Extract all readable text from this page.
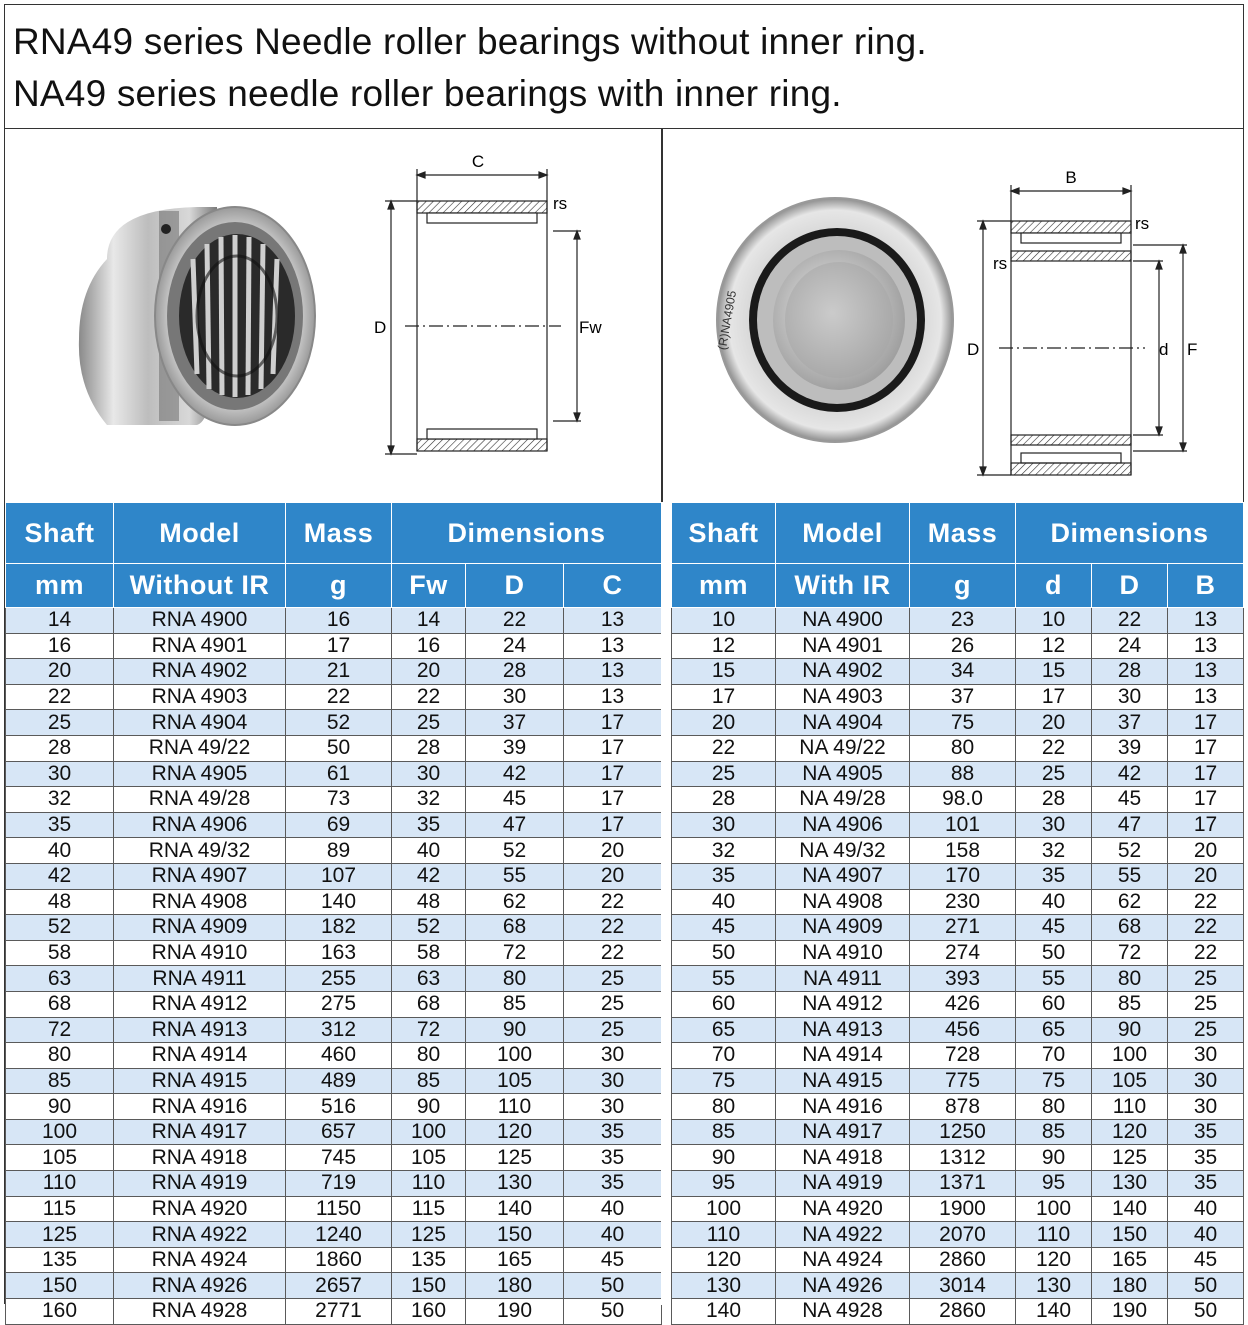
RNA49 series Needle roller bearings without inner ring.
NA49 series needle roller bearings with inner ring.
C
rs
D	Fw	(R)NA4905
B
rs
rs
D	d F
Shaft	Model	Mass	Dimensions		
mm	Without IR	g	Fw	D	C
14	RNA 4900	16	14	22	13
16	RNA 4901	17	16	24	13
20	RNA 4902	21	20	28	13
22	RNA 4903	22	22	30	13
25	RNA 4904	52	25	37	17
28	RNA 49/22	50	28	39	17
30	RNA 4905	61	30	42	17
32	RNA 49/28	73	32	45	17
35	RNA 4906	69	35	47	17
40	RNA 49/32	89	40	52	20
42	RNA 4907	107	42	55	20
48	RNA 4908	140	48	62	22
52	RNA 4909	182	52	68	22
58	RNA 4910	163	58	72	22
63	RNA 4911	255	63	80	25
68	RNA 4912	275	68	85	25
72	RNA 4913	312	72	90	25
80	RNA 4914	460	80	100	30
85	RNA 4915	489	85	105	30
90	RNA 4916	516	90	110	30
100	RNA 4917	657	100	120	35
105	RNA 4918	745	105	125	35
110	RNA 4919	719	110	130	35
115	RNA 4920	1150	115	140	40
125	RNA 4922	1240	125	150	40
135	RNA 4924	1860	135	165	45
150	RNA 4926	2657	150	180	50
160	RNA 4928	2771	160	190	50
Shaft	Model	Mass	Dimensions		
mm	With IR	g	d	D	B
10	NA 4900	23	10	22	13
12	NA 4901	26	12	24	13
15	NA 4902	34	15	28	13
17	NA 4903	37	17	30	13
20	NA 4904	75	20	37	17
22	NA 49/22	80	22	39	17
25	NA 4905	88	25	42	17
28	NA 49/28	98.0	28	45	17
30	NA 4906	101	30	47	17
32	NA 49/32	158	32	52	20
35	NA 4907	170	35	55	20
40	NA 4908	230	40	62	22
45	NA 4909	271	45	68	22
50	NA 4910	274	50	72	22
55	NA 4911	393	55	80	25
60	NA 4912	426	60	85	25
65	NA 4913	456	65	90	25
70	NA 4914	728	70	100	30
75	NA 4915	775	75	105	30
80	NA 4916	878	80	110	30
85	NA 4917	1250	85	120	35
90	NA 4918	1312	90	125	35
95	NA 4919	1371	95	130	35
100	NA 4920	1900	100	140	40
110	NA 4922	2070	110	150	40
120	NA 4924	2860	120	165	45
130	NA 4926	3014	130	180	50
140	NA 4928	2860	140	190	50
